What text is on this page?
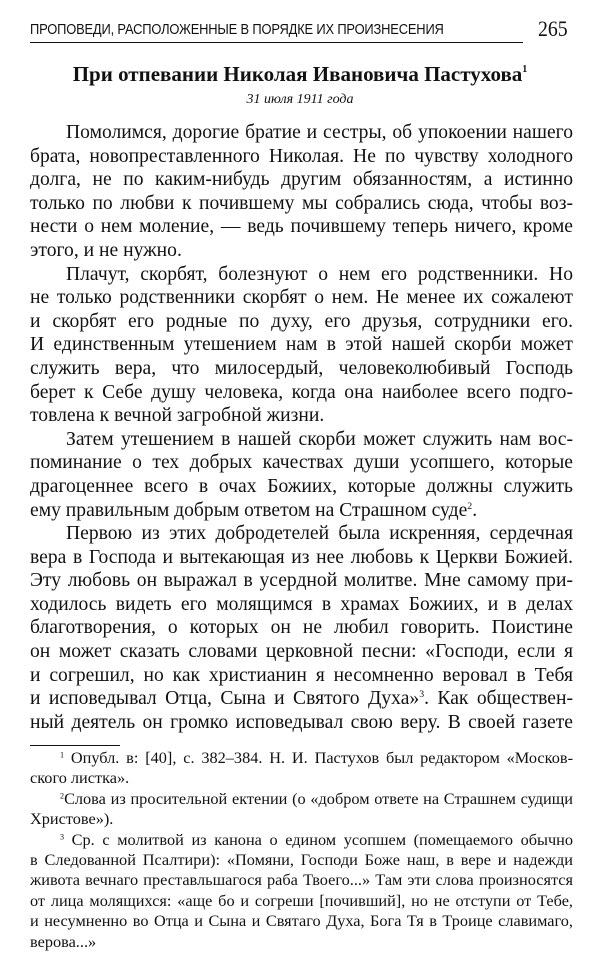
ПРОПОВЕДИ, РАСПОЛОЖЕННЫЕ В ПОРЯДКЕ ИХ ПРОИЗНЕСЕНИЯ	265
При отпевании Николая Ивановича Пастухова$^1$
31 июля 1911 года
Помолимся, дорогие братие и сестры, об упокоении нашего
брата, новопреставленного Николая. Не по чувству холодного
долга, не по каким-нибудь другим обязанностям, а истинно
только по любви к почившему мы собрались сюда, чтобы воз-
нести о нем моление, — ведь почившему теперь ничего, кроме
этого, и не нужно.
Плачут, скорбят, болезнуют о нем его родственники. Но
не только родственники скорбят о нем. Не менее их сожалеют
и скорбят его родные по духу, его друзья, сотрудники его.
И единственным утешением нам в этой нашей скорби может
служить вера, что милосердый, человеколюбивый Господь
берет к Себе душу человека, когда она наиболее всего подго-
товлена к вечной загробной жизни.
Затем утешением в нашей скорби может служить нам вос-
поминание о тех добрых качествах души усопшего, которые
драгоценнее всего в очах Божиих, которые должны служить
ему правильным добрым ответом на Страшном суде$^2$.
Первою из этих добродетелей была искренняя, сердечная
вера в Господа и вытекающая из нее любовь к Церкви Божией.
Эту любовь он выражал в усердной молитве. Мне самому при-
ходилось видеть его молящимся в храмах Божиих, и в делах
благотворения, о которых он не любил говорить. Поистине
он может сказать словами церковной песни: «Господи, если я
и согрешил, но как христианин я несомненно веровал в Тебя
и исповедывал Отца, Сына и Святого Духа»$^3$. Как обществен-
ный деятель он громко исповедывал свою веру. В своей газете
$^1$ Опубл. в: [40], с. 382–384. Н. И. Пастухов был редактором «Москов-
ского листка».
$^2$Слова из просительной ектении (о «добром ответе на Страшнем судищи
Христове»).
$^3$ Ср. с молитвой из канона о едином усопшем (помещаемого обычно
в Следованной Псалтири): «Помяни, Господи Боже наш, в вере и надежди
живота вечнаго преставльшагося раба Твоего...» Там эти слова произносятся
от лица молящихся: «аще бо и согреши [почивший], но не отступи от Тебе,
и несумненно во Отца и Сына и Святаго Духа, Бога Тя в Троице славимаго,
верова...»
